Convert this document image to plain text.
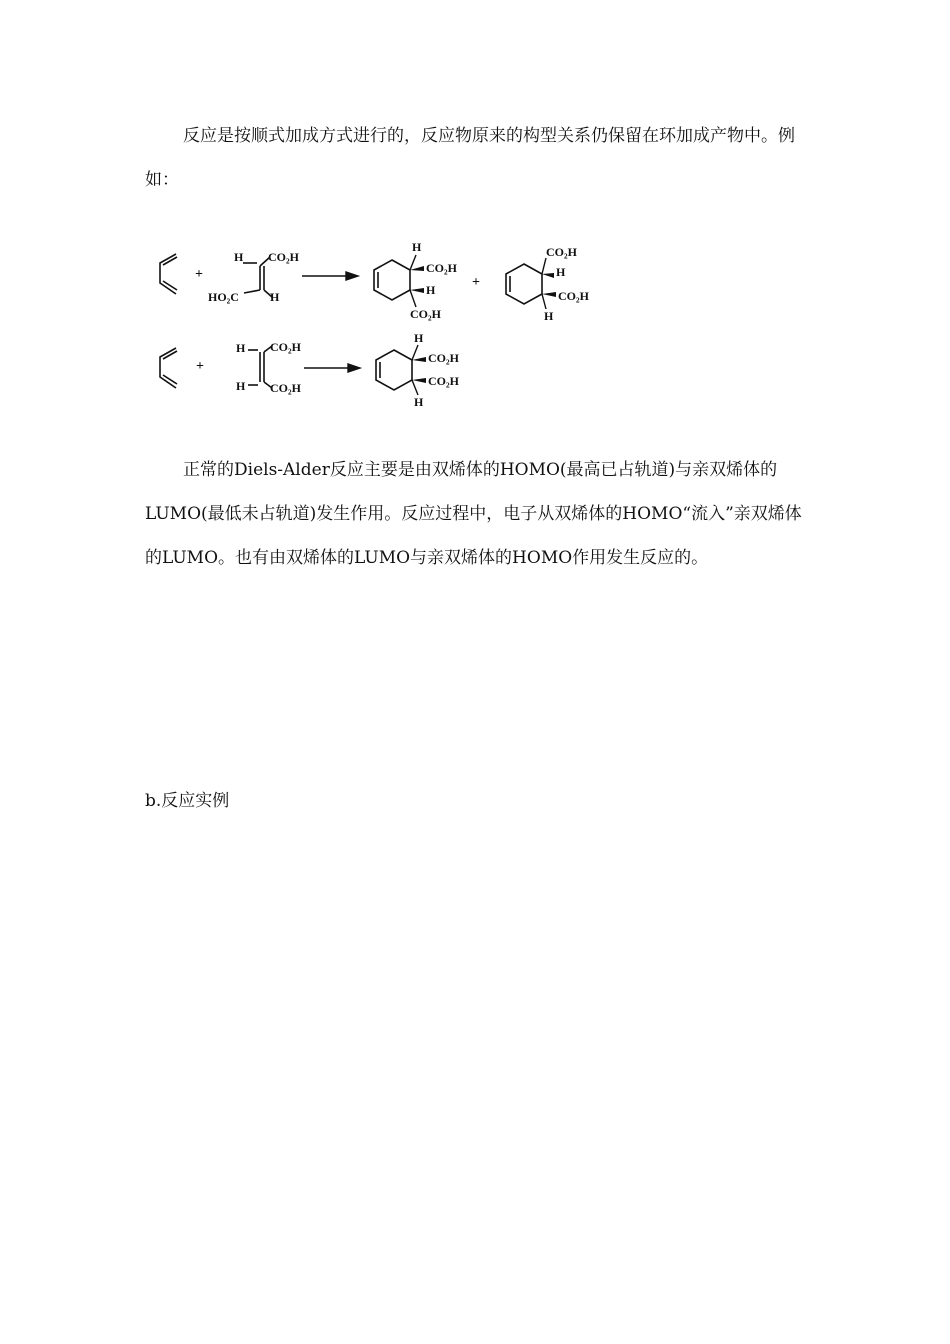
反应是按顺式加成方式进行的，反应物原来的构型关系仍保留在环加成产物中。例如：

+
H CO₂H
HO₂C	H
H
CO₂H
H
CO₂H
+
CO₂H
H
CO₂H
H
+
H CO₂H
H CO₂H
H
CO₂H
CO₂H
H

正常的Diels-Alder反应主要是由双烯体的HOMO(最高已占轨道)与亲双烯体的LUMO(最低未占轨道)发生作用。反应过程中，电子从双烯体的HOMO“流入”亲双烯体的LUMO。也有由双烯体的LUMO与亲双烯体的HOMO作用发生反应的。

b.反应实例
